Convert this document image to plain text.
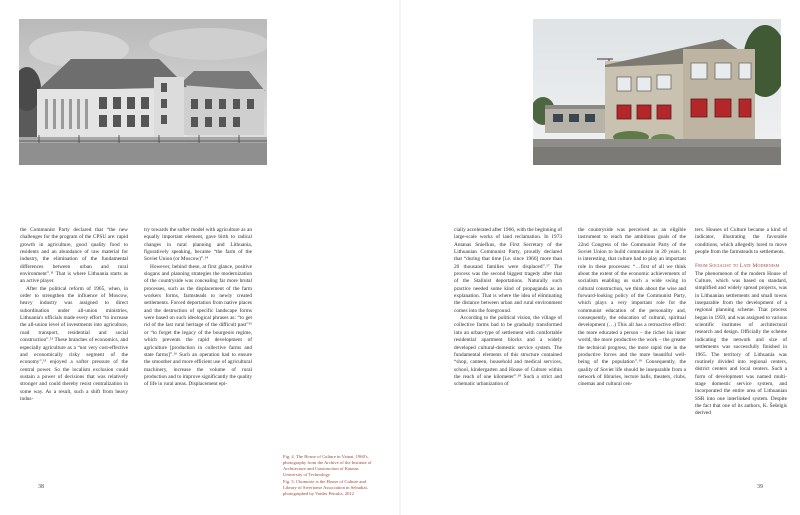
the Communist Party declared that “the new challenges for the program of the CPSU are: rapid growth in agriculture, good quality food to residents and an abundance of raw material for industry, the elimination of the fundamental differences between urban and rural environment”.¹¹ That is where Lithuania starts as an active player.

After the political reform of 1965, when, in order to strengthen the influence of Moscow, heavy industry was assigned to direct subordination under all-union ministries, Lithuania's officials made every effort “to increase the all-union level of investments into agriculture, road transport, residential and social construction”.¹² These branches of economics, and especially agriculture as a “not very cost-effective and economically risky segment of the economy”,¹³ enjoyed a softer pressure of the central power. So the localism exclusion could sustain a power of decisions that was relatively stronger and could thereby resist centralization in some way. As a result, such a shift from heavy indus-

try towards the softer model with agriculture as an equally important element, gave birth to radical changes in rural planning and Lithuania, figuratively speaking, became “the farm of the Soviet Union (or Moscow)”.¹⁴

However, behind these, at first glance, positive slogans and planning strategies the modernization of the countryside was concealing far more brutal processes, such as the displacement of the farm workers forms, farmsteads to newly created settlements. Forced deportation from native places and the destruction of specific landscape forms were based on such ideological phrases as: “to get rid of the last rural heritage of the difficult past”¹⁵ or “to forget the legacy of the bourgeois regime, which prevents the rapid development of agriculture [production in collective farms and state farms]”.¹⁶ Such an operation had to ensure the smoother and more efficient use of agricultural machinery, increase the volume of rural production and to improve significantly the quality of life in rural areas. Displacement epi-

Fig. 4. The House of Culture in Vainai, 1960's, photography from the Archive of the Institute of Architecture and Construction of Kaunas University of Technology
Fig. 5. Chomorie is the House of Culture and Library of Siverionse Association in Sebudiai, photographed by Vaidas Petrulis, 2012
38

cially accelerated after 1966, with the beginning of large-scale works of land reclamation. In 1973 Antanas Sniečkus, the First Secretary of the Lithuanian Communist Party, proudly declared that “during that time [i.e. since 1966] more than 20 thousand families were displaced”.¹⁷ The process was the second biggest tragedy after that of the Stalinist deportations. Naturally such practice needed some kind of propaganda as an explanation. That is where the idea of eliminating the distance between urban and rural environment comes into the foreground.

According to the political vision, the village of collective farms had to be gradually transformed into an urban-type of settlement with comfortable residential apartment blocks and a widely developed cultural-domestic service system. The fundamental elements of this structure contained “shop, canteen, household and medical services, school, kindergarten and House of Culture within the reach of one kilometer”.¹⁸ Such a strict and schematic urbanization of

the countryside was perceived as an eligible instrument to reach the ambitious goals of the 22nd Congress of the Communist Party of the Soviet Union to build communism in 20 years. It is interesting, that culture had to play an important role in these processes: “…first of all we think about the extent of the economic achievements of socialism enabling us such a wide swing in cultural construction, we think about the wise and forward-looking policy of the Communist Party, which plays a very important role for the communist education of the personality and, consequently, the education of cultural, spiritual development (…) This all has a retroactive effect: the more educated a person – the richer his inner world, the more productive the work – the greater the technical progress, the more rapid rise in the productive forces and the more beautiful well-being of the population”.¹⁹ Consequently, the quality of Soviet life should be inseparable from a network of libraries, lecture halls, theaters, clubs, cinemas and cultural cen-

ters. Houses of Culture became a kind of indicator, illustrating the favorable conditions, which allegedly lured to move people from the farmsteads to settlements.

From Socialist to Late Modernism

The phenomenon of the modern House of Culture, which was based on standard, simplified and widely spread projects, was in Lithuanian settlements and small towns inseparable from the development of a regional planning scheme. That process began in 1959, and was assigned to various scientific institutes of architectural research and design. Officially the scheme indicating the network and size of settlements was successfully finished in 1965. The territory of Lithuania was routinely divided into regional centers, district centers and local centers. Such a form of development was named multi-stage domestic service system, and incorporated the entire area of Lithuanian SSR into one interlinked system. Despite the fact that one of its authors, K. Šešelgis derived

39
